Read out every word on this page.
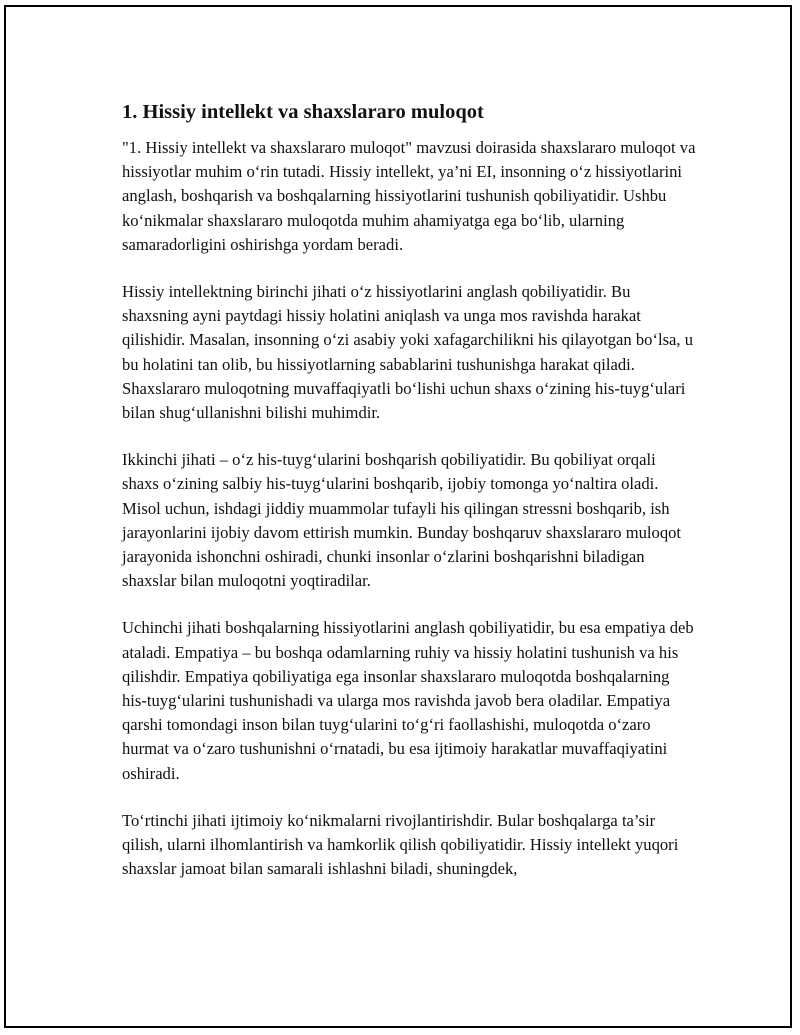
1. Hissiy intellekt va shaxslararo muloqot

"1. Hissiy intellekt va shaxslararo muloqot" mavzusi doirasida shaxslararo muloqot va hissiyotlar muhim o‘rin tutadi. Hissiy intellekt, ya’ni EI, insonning o‘z hissiyotlarini anglash, boshqarish va boshqalarning hissiyotlarini tushunish qobiliyatidir. Ushbu ko‘nikmalar shaxslararo muloqotda muhim ahamiyatga ega bo‘lib, ularning samaradorligini oshirishga yordam beradi.

Hissiy intellektning birinchi jihati o‘z hissiyotlarini anglash qobiliyatidir. Bu shaxsning ayni paytdagi hissiy holatini aniqlash va unga mos ravishda harakat qilishidir. Masalan, insonning o‘zi asabiy yoki xafagarchilikni his qilayotgan bo‘lsa, u bu holatini tan olib, bu hissiyotlarning sabablarini tushunishga harakat qiladi. Shaxslararo muloqotning muvaffaqiyatli bo‘lishi uchun shaxs o‘zining his-tuyg‘ulari bilan shug‘ullanishni bilishi muhimdir.

Ikkinchi jihati – o‘z his-tuyg‘ularini boshqarish qobiliyatidir. Bu qobiliyat orqali shaxs o‘zining salbiy his-tuyg‘ularini boshqarib, ijobiy tomonga yo‘naltira oladi. Misol uchun, ishdagi jiddiy muammolar tufayli his qilingan stressni boshqarib, ish jarayonlarini ijobiy davom ettirish mumkin. Bunday boshqaruv shaxslararo muloqot jarayonida ishonchni oshiradi, chunki insonlar o‘zlarini boshqarishni biladigan shaxslar bilan muloqotni yoqtiradilar.

Uchinchi jihati boshqalarning hissiyotlarini anglash qobiliyatidir, bu esa empatiya deb ataladi. Empatiya – bu boshqa odamlarning ruhiy va hissiy holatini tushunish va his qilishdir. Empatiya qobiliyatiga ega insonlar shaxslararo muloqotda boshqalarning his-tuyg‘ularini tushunishadi va ularga mos ravishda javob bera oladilar. Empatiya qarshi tomondagi inson bilan tuyg‘ularini to‘g‘ri faollashishi, muloqotda o‘zaro hurmat va o‘zaro tushunishni o‘rnatadi, bu esa ijtimoiy harakatlar muvaffaqiyatini oshiradi.

To‘rtinchi jihati ijtimoiy ko‘nikmalarni rivojlantirishdir. Bular boshqalarga ta’sir qilish, ularni ilhomlantirish va hamkorlik qilish qobiliyatidir. Hissiy intellekt yuqori shaxslar jamoat bilan samarali ishlashni biladi, shuningdek,
